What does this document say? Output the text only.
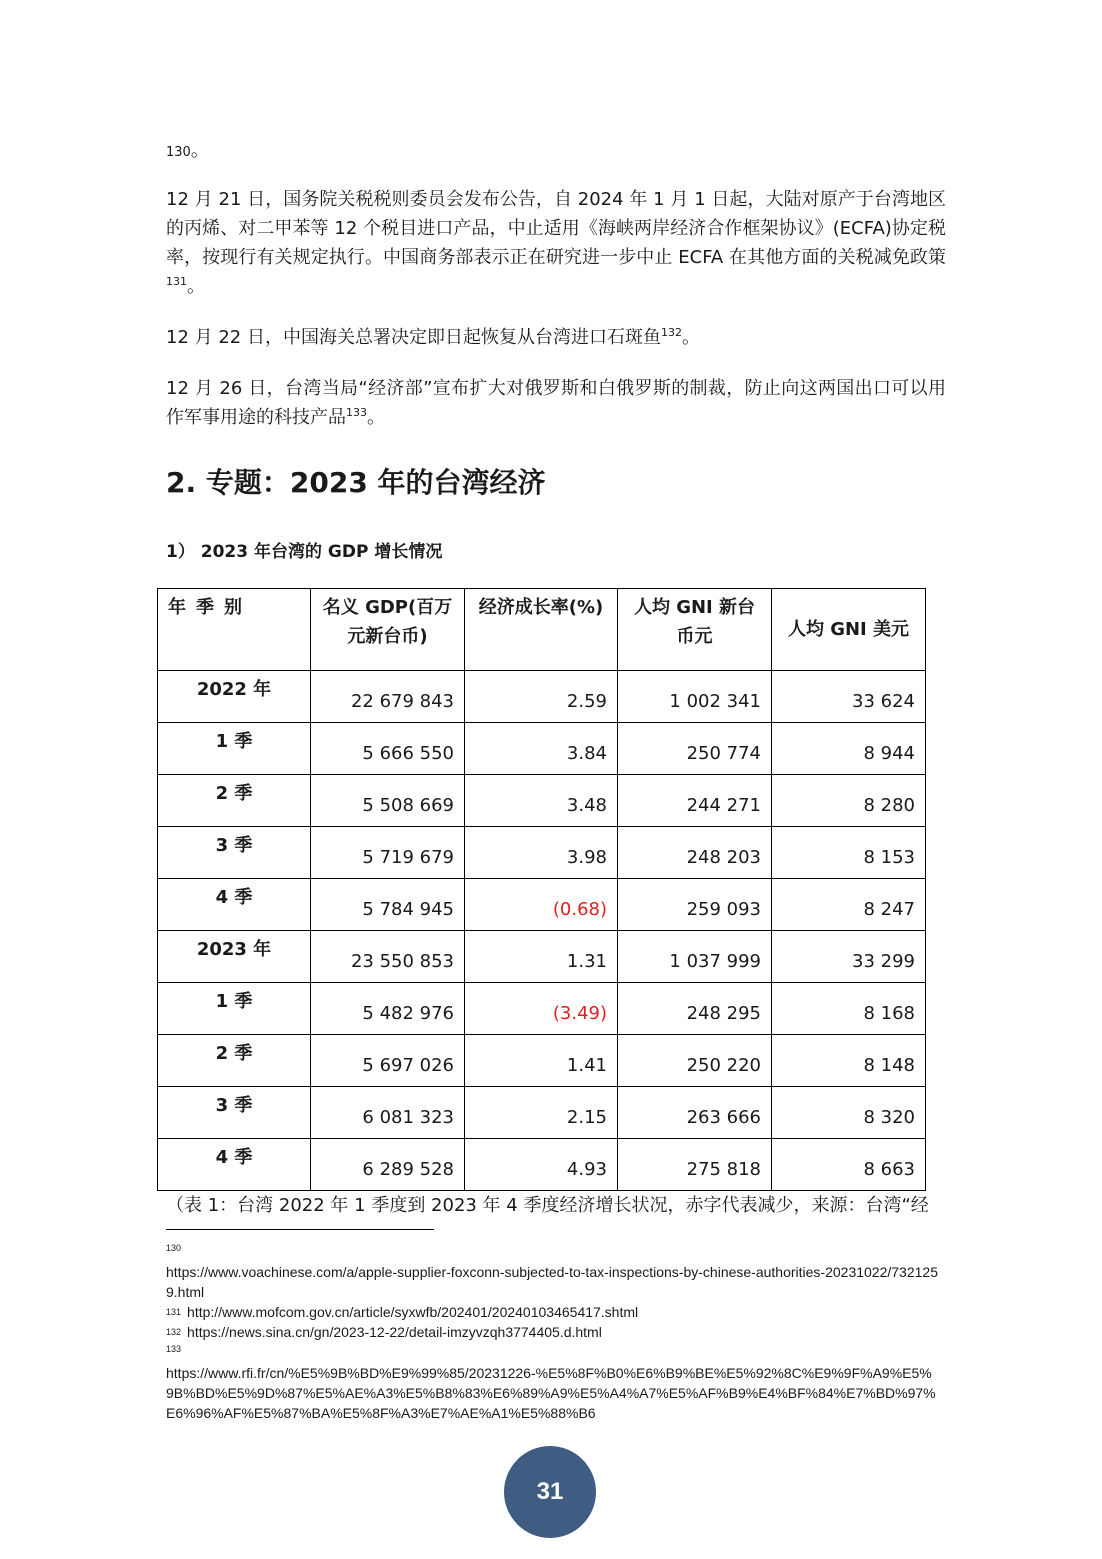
130。

12 月 21 日，国务院关税税则委员会发布公告，自 2024 年 1 月 1 日起，大陆对原产于台湾地区的丙烯、对二甲苯等 12 个税目进口产品，中止适用《海峡两岸经济合作框架协议》(ECFA)协定税率，按现行有关规定执行。中国商务部表示正在研究进一步中止 ECFA 在其他方面的关税减免政策$^{131}$。

12 月 22 日，中国海关总署决定即日起恢复从台湾进口石斑鱼$^{132}$。

12 月 26 日，台湾当局“经济部”宣布扩大对俄罗斯和白俄罗斯的制裁，防止向这两国出口可以用作军事用途的科技产品$^{133}$。

2. 专题：2023 年的台湾经济
1） 2023 年台湾的 GDP 增长情况
年季别	名义 GDP(百万元新台币)	经济成长率(%)	人均 GNI 新台币元	人均 GNI 美元
2022 年	22 679 843	2.59	1 002 341	33 624
1 季	5 666 550	3.84	250 774	8 944
2 季	5 508 669	3.48	244 271	8 280
3 季	5 719 679	3.98	248 203	8 153
4 季	5 784 945	(0.68)	259 093	8 247
2023 年	23 550 853	1.31	1 037 999	33 299
1 季	5 482 976	(3.49)	248 295	8 168
2 季	5 697 026	1.41	250 220	8 148
3 季	6 081 323	2.15	263 666	8 320
4 季	6 289 528	4.93	275 818	8 663
（表 1：台湾 2022 年 1 季度到 2023 年 4 季度经济增长状况，赤字代表减少，来源：台湾“经
130
https://www.voachinese.com/a/apple-supplier-foxconn-subjected-to-tax-inspections-by-chinese-authorities-20231022/7321259.html
$^{131}$ http://www.mofcom.gov.cn/article/syxwfb/202401/20240103465417.shtml
$^{132}$ https://news.sina.cn/gn/2023-12-22/detail-imzyvzqh3774405.d.html
133
https://www.rfi.fr/cn/%E5%9B%BD%E9%99%85/20231226-%E5%8F%B0%E6%B9%BE%E5%92%8C%E9%9F%A9%E5%9B%BD%E5%9D%87%E5%AE%A3%E5%B8%83%E6%89%A9%E5%A4%A7%E5%AF%B9%E4%BF%84%E7%BD%97%E6%96%AF%E5%87%BA%E5%8F%A3%E7%AE%A1%E5%88%B6
31
